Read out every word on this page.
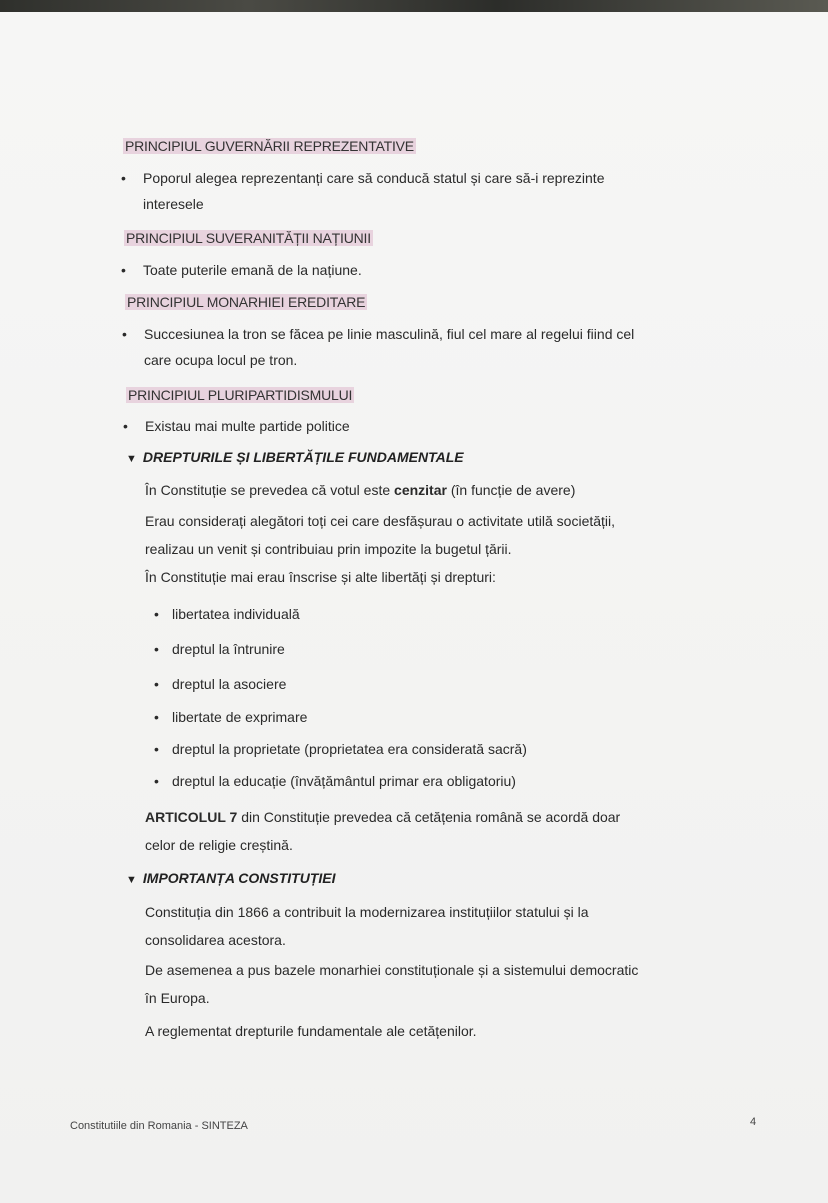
PRINCIPIUL GUVERNĂRII REPREZENTATIVE
• Poporul alegea reprezentanți care să conducă statul și care să-i reprezinte
interesele
PRINCIPIUL SUVERANITĂȚII NAȚIUNII
• Toate puterile emană de la națiune.
PRINCIPIUL MONARHIEI EREDITARE
• Succesiunea la tron se făcea pe linie masculină, fiul cel mare al regelui fiind cel
care ocupa locul pe tron.
PRINCIPIUL PLURIPARTIDISMULUI
• Existau mai multe partide politice
▼ DREPTURILE ȘI LIBERTĂȚILE FUNDAMENTALE
În Constituție se prevedea că votul este cenzitar (în funcție de avere)
Erau considerați alegători toți cei care desfășurau o activitate utilă societății,
realizau un venit și contribuiau prin impozite la bugetul țării.
În Constituție mai erau înscrise și alte libertăți și drepturi:
• libertatea individuală
• dreptul la întrunire
• dreptul la asociere
• libertate de exprimare
• dreptul la proprietate (proprietatea era considerată sacră)
• dreptul la educație (învățământul primar era obligatoriu)
ARTICOLUL 7 din Constituție prevedea că cetățenia română se acordă doar
celor de religie creștină.
▼ IMPORTANȚA CONSTITUȚIEI
Constituția din 1866 a contribuit la modernizarea instituțiilor statului și la
consolidarea acestora.
De asemenea a pus bazele monarhiei constituționale și a sistemului democratic
în Europa.
A reglementat drepturile fundamentale ale cetățenilor.
Constitutiile din Romania - SINTEZA	4
